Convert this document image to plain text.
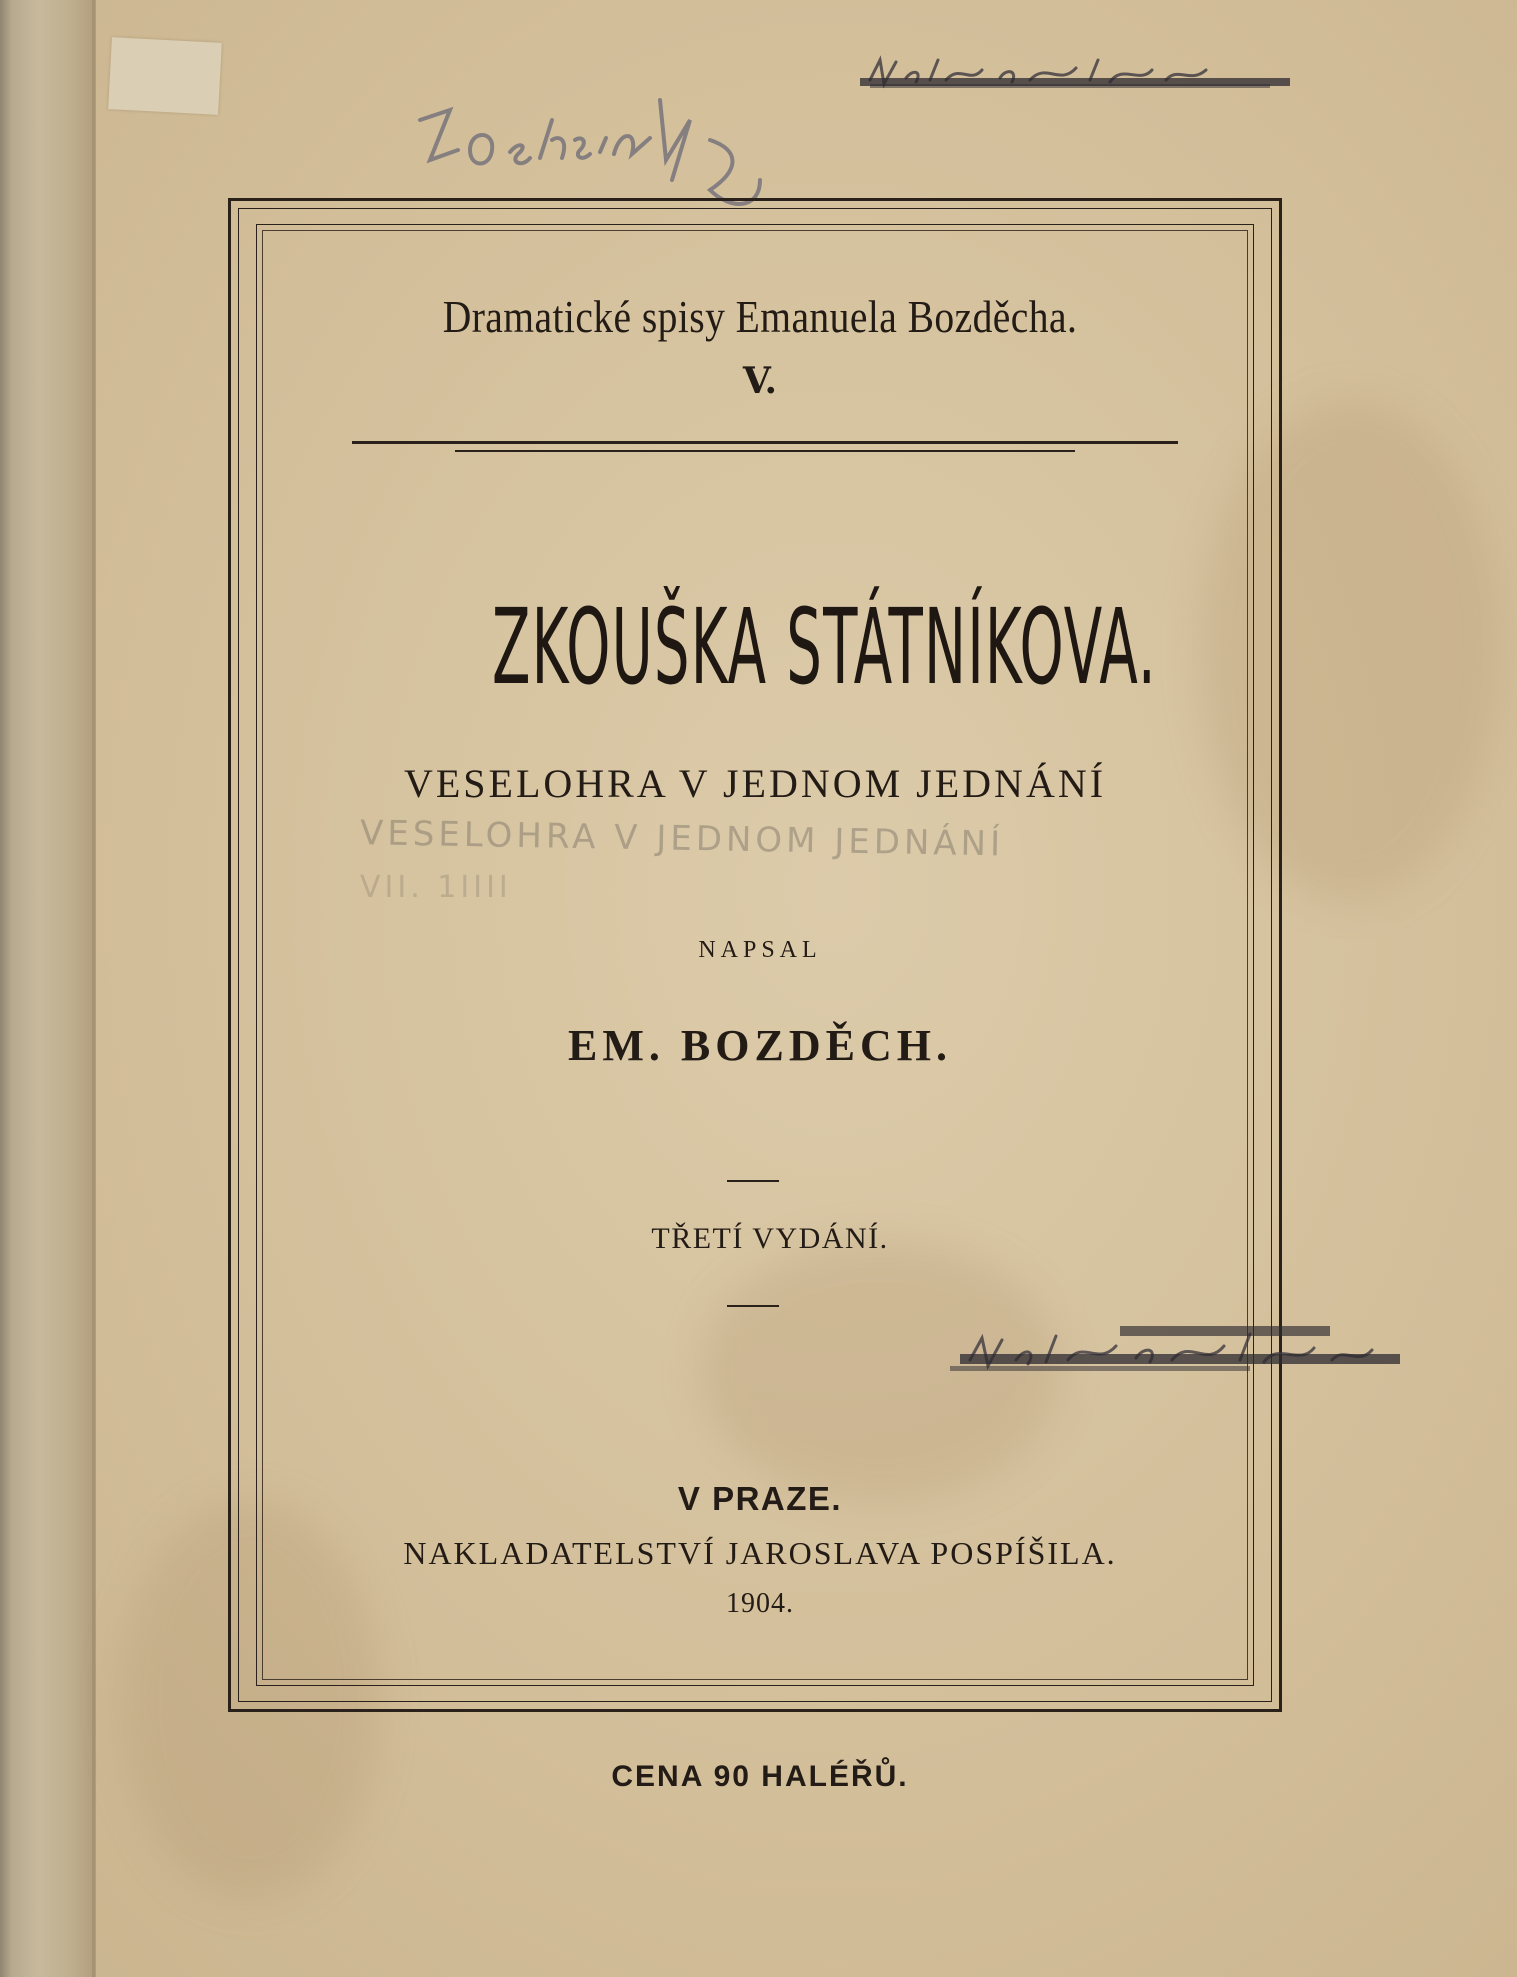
Dramatické spisy Emanuela Bozděcha.
V.
ZKOUŠKA STÁTNÍKOVA.
VESELOHRA V JEDNOM JEDNÁNÍ
VESELOHRA V JEDNOM JEDNÁNÍ
VII. 1IIII
NAPSAL
EM. BOZDĚCH.
TŘETÍ VYDÁNÍ.
V PRAZE.
NAKLADATELSTVÍ JAROSLAVA POSPÍŠILA.
1904.
CENA 90 HALÉŘŮ.
